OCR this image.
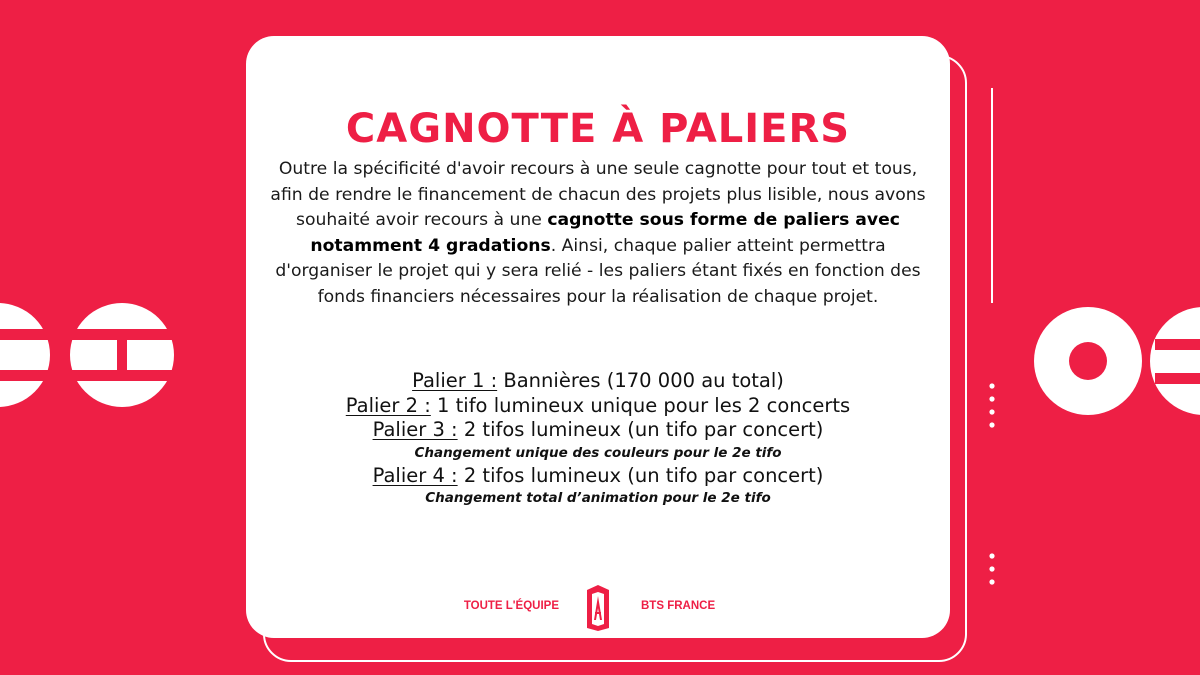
CAGNOTTE À PALIERS

Outre la spécificité d'avoir recours à une seule cagnotte pour tout et tous, afin de rendre le financement de chacun des projets plus lisible, nous avons souhaité avoir recours à une cagnotte sous forme de paliers avec notamment 4 gradations. Ainsi, chaque palier atteint permettra d'organiser le projet qui y sera relié - les paliers étant fixés en fonction des fonds financiers nécessaires pour la réalisation de chaque projet.

Palier 1 : Bannières (170 000 au total)
Palier 2 : 1 tifo lumineux unique pour les 2 concerts
Palier 3 : 2 tifos lumineux (un tifo par concert)
Changement unique des couleurs pour le 2e tifo
Palier 4 : 2 tifos lumineux (un tifo par concert)
Changement total d’animation pour le 2e tifo
TOUTE L'ÉQUIPE	BTS FRANCE
